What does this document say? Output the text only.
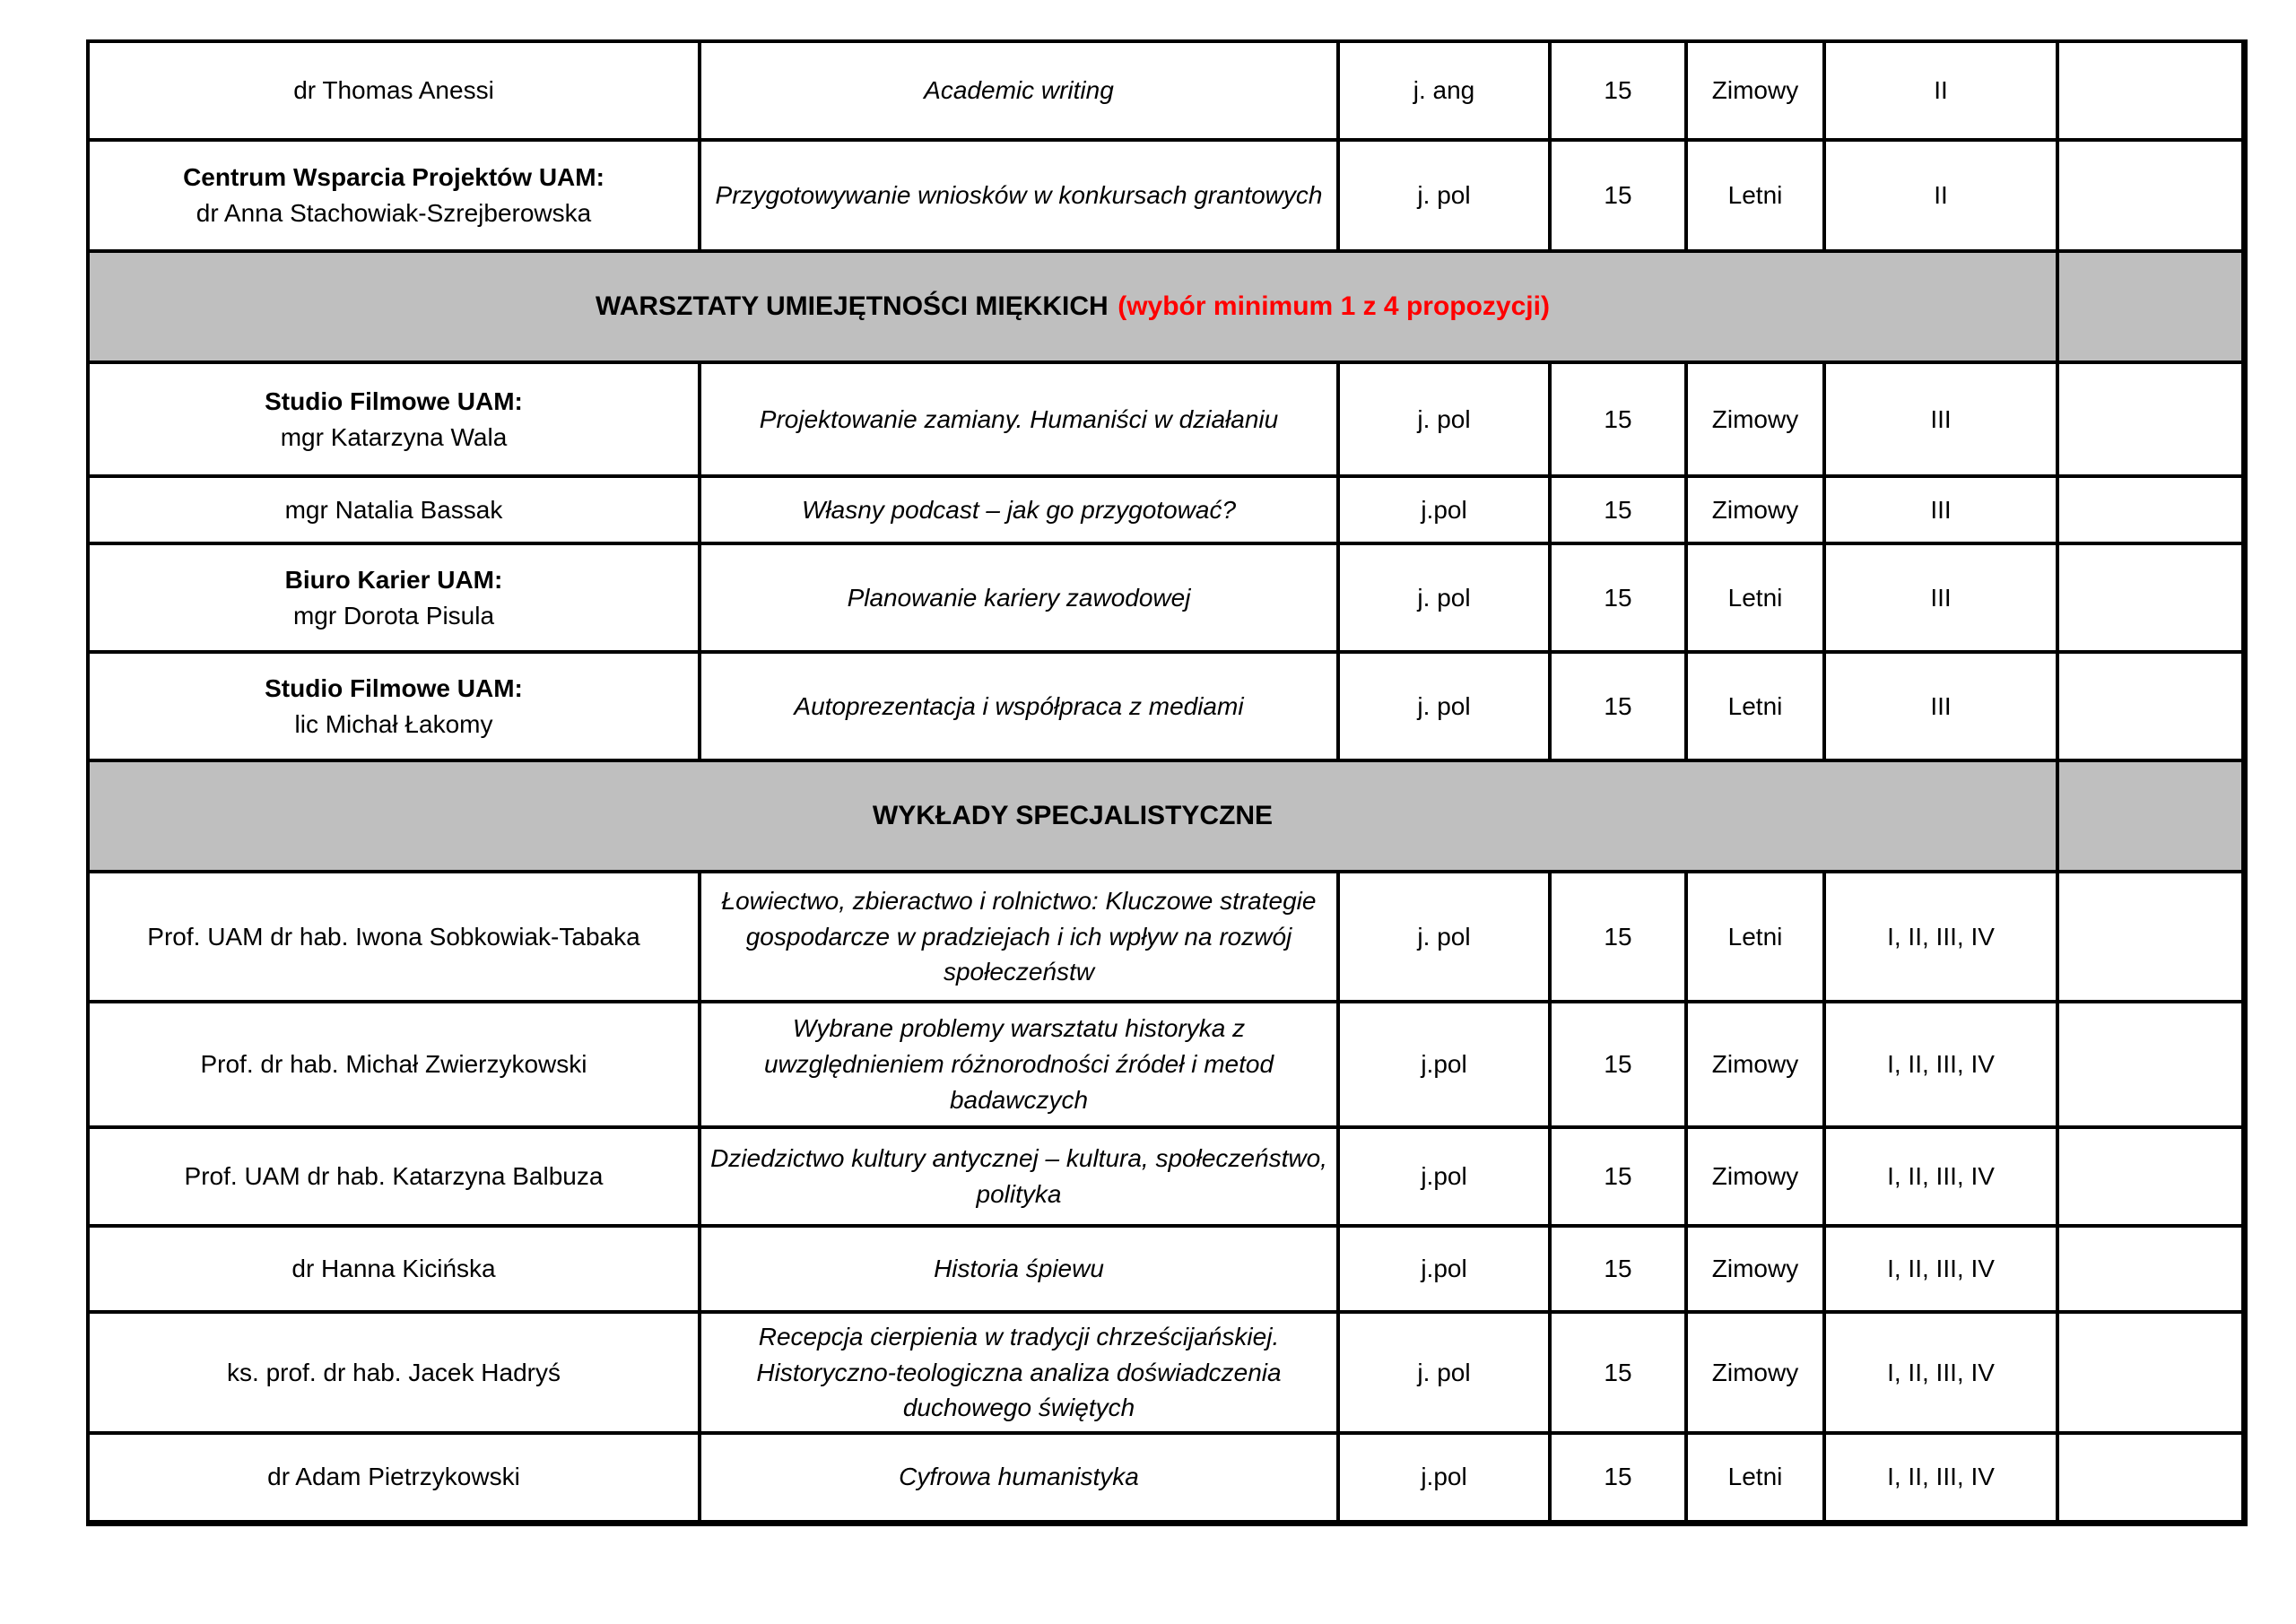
dr Thomas Anessi	Academic writing	j. ang	15	Zimowy	II	

Centrum Wsparcia Projektów UAM:
dr Anna Stachowiak-Szrejberowska	Przygotowywanie wniosków w konkursach grantowych	j. pol	15	Letni	II	
WARSZTATY UMIEJĘTNOŚCI MIĘKKICH (wybór minimum 1 z 4 propozycji)						

Studio Filmowe UAM:
mgr Katarzyna Wala	Projektowanie zamiany. Humaniści w działaniu	j. pol	15	Zimowy	III	

mgr Natalia Bassak	Własny podcast – jak go przygotować?	j.pol	15	Zimowy	III	

Biuro Karier UAM:
mgr Dorota Pisula	Planowanie kariery zawodowej	j. pol	15	Letni	III	

Studio Filmowe UAM:
lic Michał Łakomy	Autoprezentacja i współpraca z mediami	j. pol	15	Letni	III	
WYKŁADY SPECJALISTYCZNE						

Prof. UAM dr hab. Iwona Sobkowiak-Tabaka	Łowiectwo, zbieractwo i rolnictwo: Kluczowe strategie gospodarcze w pradziejach i ich wpływ na rozwój społeczeństw	j. pol	15	Letni	I, II, III, IV	

Prof. dr hab. Michał Zwierzykowski	Wybrane problemy warsztatu historyka z uwzględnieniem różnorodności źródeł i metod badawczych	j.pol	15	Zimowy	I, II, III, IV	

Prof. UAM dr hab. Katarzyna Balbuza	Dziedzictwo kultury antycznej – kultura, społeczeństwo, polityka	j.pol	15	Zimowy	I, II, III, IV	

dr Hanna Kicińska	Historia śpiewu	j.pol	15	Zimowy	I, II, III, IV	

ks. prof. dr hab. Jacek Hadryś	Recepcja cierpienia w tradycji chrześcijańskiej. Historyczno-teologiczna analiza doświadczenia duchowego świętych	j. pol	15	Zimowy	I, II, III, IV	

dr Adam Pietrzykowski	Cyfrowa humanistyka	j.pol	15	Letni	I, II, III, IV	
